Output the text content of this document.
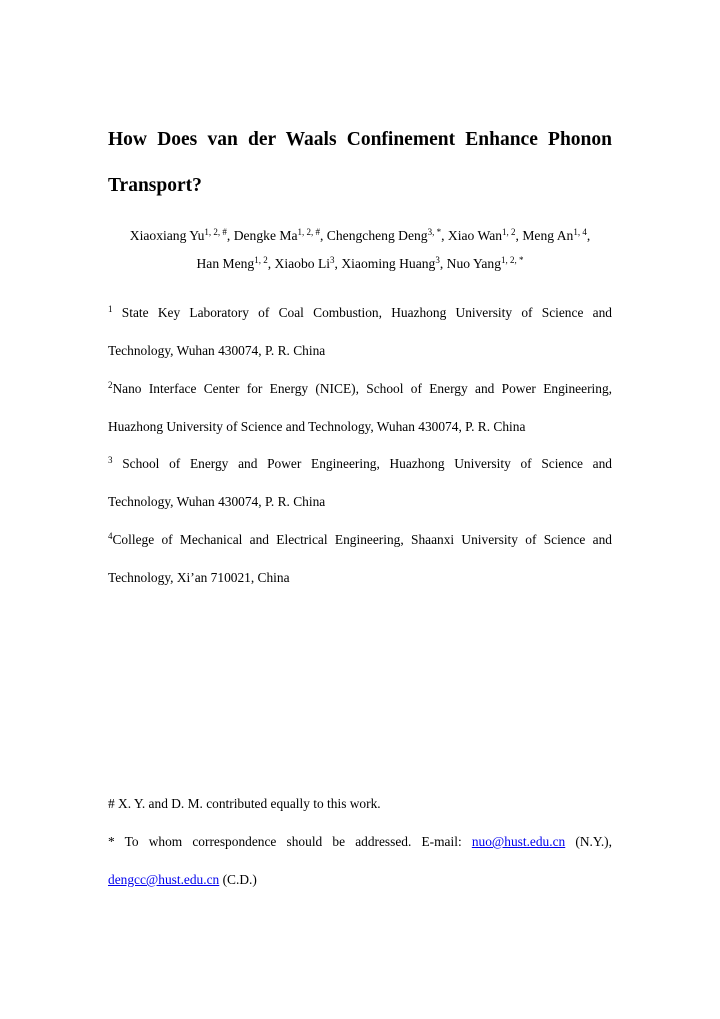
How Does van der Waals Confinement Enhance Phonon
Transport?
Xiaoxiang $Yu^{1, 2, \#}$, Dengke $Ma^{1, 2, \#}$, Chengcheng Deng$^{3, *}$, Xiao Wan$^{1, 2}$, Meng An$^{1, 4}$,
Han Meng$^{1, 2}$, Xiaobo Li$^3$, Xiaoming Huang$^3$, Nuo Yang$^{1, 2, *}$
$^1$ State Key Laboratory of Coal Combustion, Huazhong University of Science and
Technology, Wuhan 430074, P. R. China
$^2$Nano Interface Center for Energy (NICE), School of Energy and Power Engineering,
Huazhong University of Science and Technology, Wuhan 430074, P. R. China
$^3$ School of Energy and Power Engineering, Huazhong University of Science and
Technology, Wuhan 430074, P. R. China
$^4$College of Mechanical and Electrical Engineering, Shaanxi University of Science and
Technology, Xi’an 710021, China
# X. Y. and D. M. contributed equally to this work.
* To whom correspondence should be addressed. E-mail: nuo@hust.edu.cn (N.Y.),
dengcc@hust.edu.cn (C.D.)
